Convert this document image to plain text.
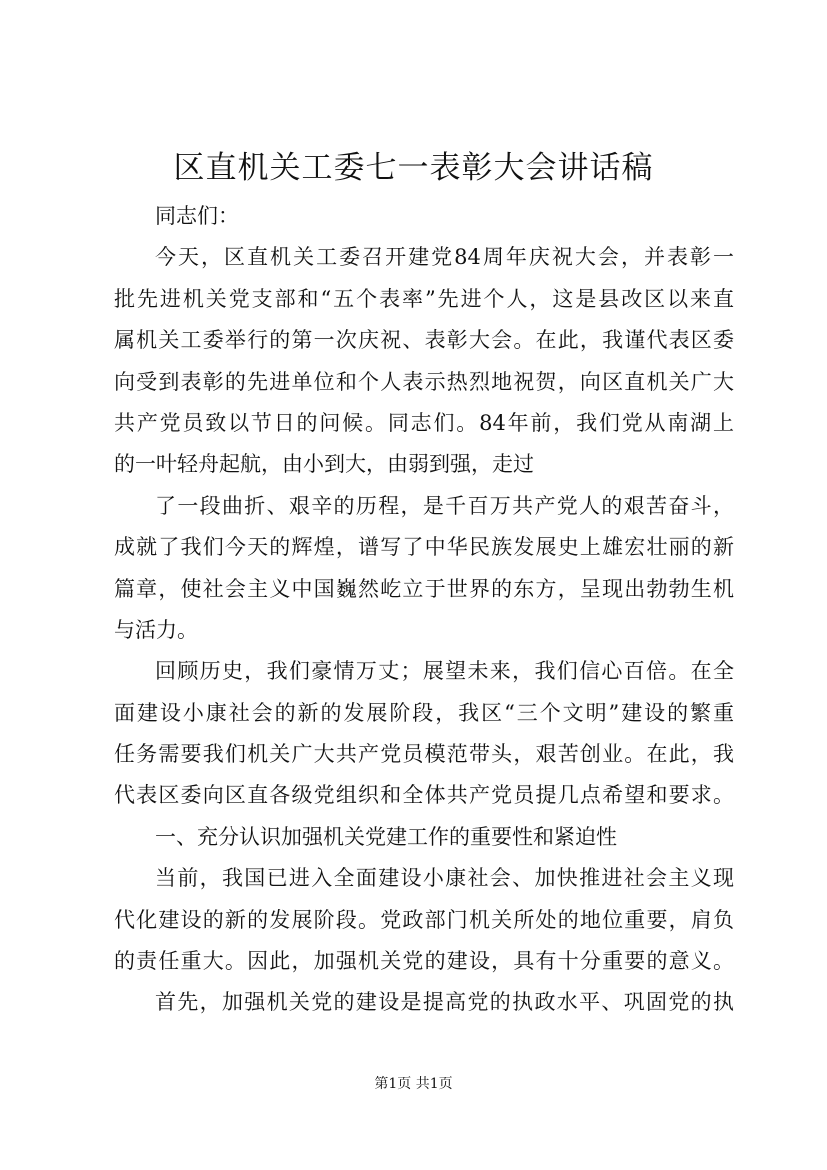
区直机关工委七一表彰大会讲话稿
同志们：
今天，区直机关工委召开建党84周年庆祝大会，并表彰一
批先进机关党支部和“五个表率”先进个人，这是县改区以来直
属机关工委举行的第一次庆祝、表彰大会。在此，我谨代表区委
向受到表彰的先进单位和个人表示热烈地祝贺，向区直机关广大
共产党员致以节日的问候。同志们。84年前，我们党从南湖上
的一叶轻舟起航，由小到大，由弱到强，走过
了一段曲折、艰辛的历程，是千百万共产党人的艰苦奋斗，
成就了我们今天的辉煌，谱写了中华民族发展史上雄宏壮丽的新
篇章，使社会主义中国巍然屹立于世界的东方，呈现出勃勃生机
与活力。
回顾历史，我们豪情万丈；展望未来，我们信心百倍。在全
面建设小康社会的新的发展阶段，我区“三个文明”建设的繁重
任务需要我们机关广大共产党员模范带头，艰苦创业。在此，我
代表区委向区直各级党组织和全体共产党员提几点希望和要求。
一、充分认识加强机关党建工作的重要性和紧迫性
当前，我国已进入全面建设小康社会、加快推进社会主义现
代化建设的新的发展阶段。党政部门机关所处的地位重要，肩负
的责任重大。因此，加强机关党的建设，具有十分重要的意义。
首先，加强机关党的建设是提高党的执政水平、巩固党的执
第1页 共1页
